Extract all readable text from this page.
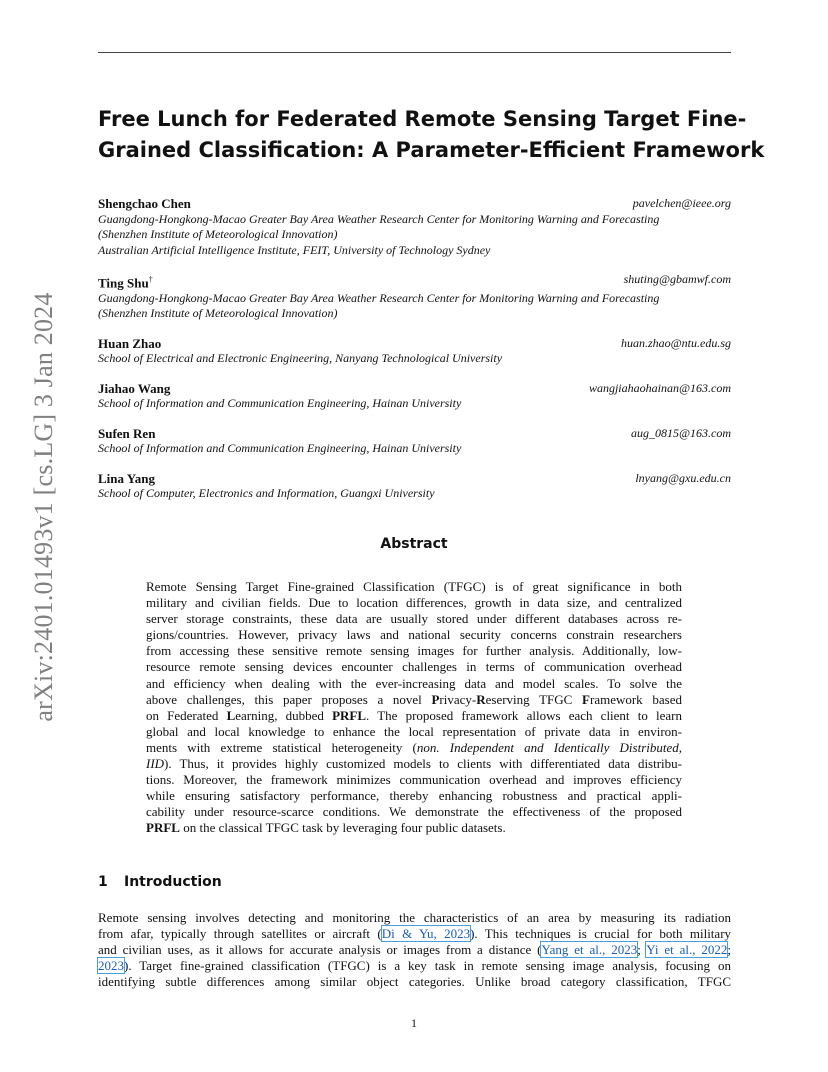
arXiv:2401.01493v1 [cs.LG] 3 Jan 2024
Free Lunch for Federated Remote Sensing Target Fine-
Grained Classification: A Parameter-Efficient Framework
Shengchao Chen	pavelchen@ieee.org
Guangdong-Hongkong-Macao Greater Bay Area Weather Research Center for Monitoring Warning and Forecasting
(Shenzhen Institute of Meteorological Innovation)
Australian Artificial Intelligence Institute, FEIT, University of Technology Sydney
Ting Shu†	shuting@gbamwf.com
Guangdong-Hongkong-Macao Greater Bay Area Weather Research Center for Monitoring Warning and Forecasting
(Shenzhen Institute of Meteorological Innovation)
Huan Zhao	huan.zhao@ntu.edu.sg
School of Electrical and Electronic Engineering, Nanyang Technological University
Jiahao Wang	wangjiahaohainan@163.com
School of Information and Communication Engineering, Hainan University
Sufen Ren	aug_0815@163.com
School of Information and Communication Engineering, Hainan University
Lina Yang	lnyang@gxu.edu.cn
School of Computer, Electronics and Information, Guangxi University
Abstract
Remote Sensing Target Fine-grained Classification (TFGC) is of great significance in both
military and civilian fields. Due to location differences, growth in data size, and centralized
server storage constraints, these data are usually stored under different databases across re-
gions/countries. However, privacy laws and national security concerns constrain researchers
from accessing these sensitive remote sensing images for further analysis. Additionally, low-
resource remote sensing devices encounter challenges in terms of communication overhead
and efficiency when dealing with the ever-increasing data and model scales. To solve the
above challenges, this paper proposes a novel Privacy-Reserving TFGC Framework based
on Federated Learning, dubbed PRFL. The proposed framework allows each client to learn
global and local knowledge to enhance the local representation of private data in environ-
ments with extreme statistical heterogeneity (non. Independent and Identically Distributed,
IID). Thus, it provides highly customized models to clients with differentiated data distribu-
tions. Moreover, the framework minimizes communication overhead and improves efficiency
while ensuring satisfactory performance, thereby enhancing robustness and practical appli-
cability under resource-scarce conditions. We demonstrate the effectiveness of the proposed
PRFL on the classical TFGC task by leveraging four public datasets.
1 Introduction
Remote sensing involves detecting and monitoring the characteristics of an area by measuring its radiation
from afar, typically through satellites or aircraft (Di & Yu, 2023). This techniques is crucial for both military
and civilian uses, as it allows for accurate analysis or images from a distance (Yang et al., 2023; Yi et al., 2022;
2023). Target fine-grained classification (TFGC) is a key task in remote sensing image analysis, focusing on
identifying subtle differences among similar object categories. Unlike broad category classification, TFGC
1
